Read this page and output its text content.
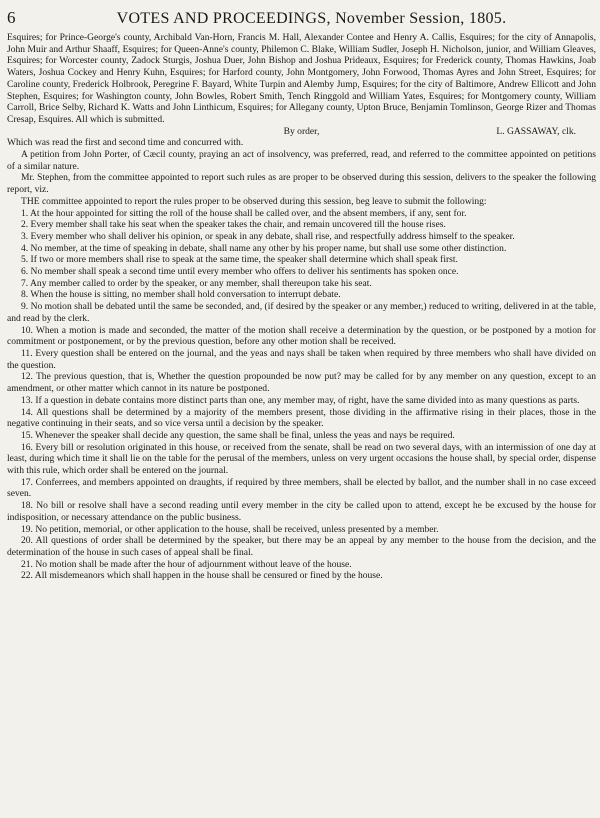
6	VOTES AND PROCEEDINGS, November Session, 1805.

Esquires; for Prince-George's county, Archibald Van-Horn, Francis M. Hall, Alexander Contee and Henry A. Callis, Esquires; for the city of Annapolis, John Muir and Arthur Shaaff, Esquires; for Queen-Anne's county, Philemon C. Blake, William Sudler, Joseph H. Nicholson, junior, and William Gleaves, Esquires; for Worcester county, Zadock Sturgis, Joshua Duer, John Bishop and Joshua Prideaux, Esquires; for Frederick county, Thomas Hawkins, Joab Waters, Joshua Cockey and Henry Kuhn, Esquires; for Harford county, John Montgomery, John Forwood, Thomas Ayres and John Street, Esquires; for Caroline county, Frederick Holbrook, Peregrine F. Bayard, White Turpin and Alemby Jump, Esquires; for the city of Baltimore, Andrew Ellicott and John Stephen, Esquires; for Washington county, John Bowles, Robert Smith, Tench Ringgold and William Yates, Esquires; for Montgomery county, William Carroll, Brice Selby, Richard K. Watts and John Linthicum, Esquires; for Allegany county, Upton Bruce, Benjamin Tomlinson, George Rizer and Thomas Cresap, Esquires. All which is submitted.

By order,	L. GASSAWAY, clk.

Which was read the first and second time and concurred with.

A petition from John Porter, of Cæcil county, praying an act of insolvency, was preferred, read, and referred to the committee appointed on petitions of a similar nature.

Mr. Stephen, from the committee appointed to report such rules as are proper to be observed during this session, delivers to the speaker the following report, viz.

THE committee appointed to report the rules proper to be observed during this session, beg leave to submit the following:

1. At the hour appointed for sitting the roll of the house shall be called over, and the absent members, if any, sent for.

2. Every member shall take his seat when the speaker takes the chair, and remain uncovered till the house rises.

3. Every member who shall deliver his opinion, or speak in any debate, shall rise, and respectfully address himself to the speaker.

4. No member, at the time of speaking in debate, shall name any other by his proper name, but shall use some other distinction.

5. If two or more members shall rise to speak at the same time, the speaker shall determine which shall speak first.

6. No member shall speak a second time until every member who offers to deliver his sentiments has spoken once.

7. Any member called to order by the speaker, or any member, shall thereupon take his seat.

8. When the house is sitting, no member shall hold conversation to interrupt debate.

9. No motion shall be debated until the same be seconded, and, (if desired by the speaker or any member,) reduced to writing, delivered in at the table, and read by the clerk.

10. When a motion is made and seconded, the matter of the motion shall receive a determination by the question, or be postponed by a motion for commitment or postponement, or by the previous question, before any other motion shall be received.

11. Every question shall be entered on the journal, and the yeas and nays shall be taken when required by three members who shall have divided on the question.

12. The previous question, that is, Whether the question propounded be now put? may be called for by any member on any question, except to an amendment, or other matter which cannot in its nature be postponed.

13. If a question in debate contains more distinct parts than one, any member may, of right, have the same divided into as many questions as parts.

14. All questions shall be determined by a majority of the members present, those dividing in the affirmative rising in their places, those in the negative continuing in their seats, and so vice versa until a decision by the speaker.

15. Whenever the speaker shall decide any question, the same shall be final, unless the yeas and nays be required.

16. Every bill or resolution originated in this house, or received from the senate, shall be read on two several days, with an intermission of one day at least, during which time it shall lie on the table for the perusal of the members, unless on very urgent occasions the house shall, by special order, dispense with this rule, which order shall be entered on the journal.

17. Conferrees, and members appointed on draughts, if required by three members, shall be elected by ballot, and the number shall in no case exceed seven.

18. No bill or resolve shall have a second reading until every member in the city be called upon to attend, except he be excused by the house for indisposition, or necessary attendance on the public business.

19. No petition, memorial, or other application to the house, shall be received, unless presented by a member.

20. All questions of order shall be determined by the speaker, but there may be an appeal by any member to the house from the decision, and the determination of the house in such cases of appeal shall be final.

21. No motion shall be made after the hour of adjournment without leave of the house.

22. All misdemeanors which shall happen in the house shall be censured or fined by the house.
